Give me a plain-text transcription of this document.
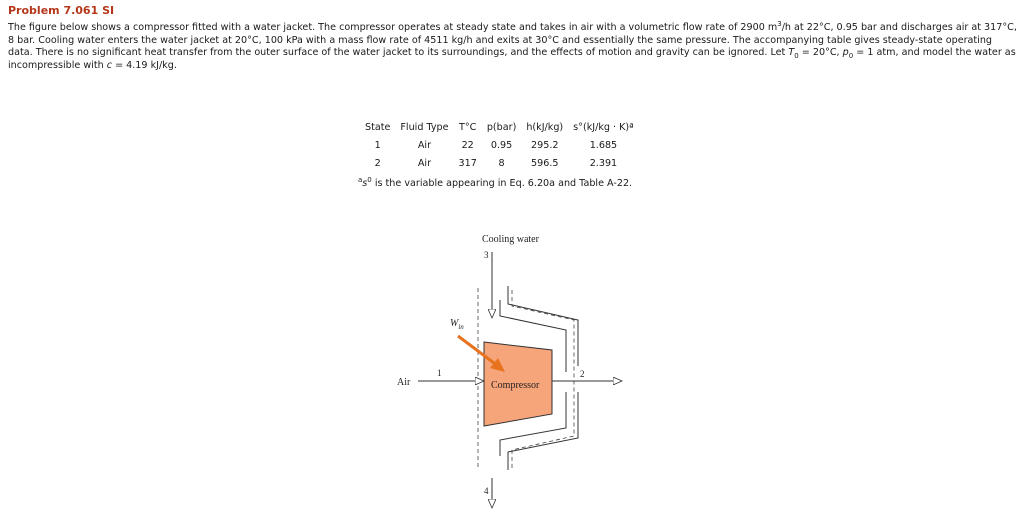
Problem 7.061 SI
The figure below shows a compressor fitted with a water jacket. The compressor operates at steady state and takes in air with a volumetric flow rate of 2900 $m^3/h$ at 22°C, 0.95 bar and discharges air at 317°C, 8 bar. Cooling water enters the water jacket at 20°C, 100 kPa with a mass flow rate of 4511 kg/h and exits at 30°C and essentially the same pressure. The accompanying table gives steady-state operating data. There is no significant heat transfer from the outer surface of the water jacket to its surroundings, and the effects of motion and gravity can be ignored. Let $T_0 = 20^\circ C$, $p_0 = 1$ atm, and model the water as incompressible with c = 4.19 kJ/kg.
State	Fluid Type	T°C	p(bar)	h(kJ/kg)	s°(kJ/kg · K)ª
1	Air	22	0.95	295.2	1.685
2	Air	317	8	596.5	2.391
$^as^0$ is the variable appearing in Eq. 6.20a and Table A-22.
Cooling water
3
4
1	2
Air
$W_{in}$
Compressor
